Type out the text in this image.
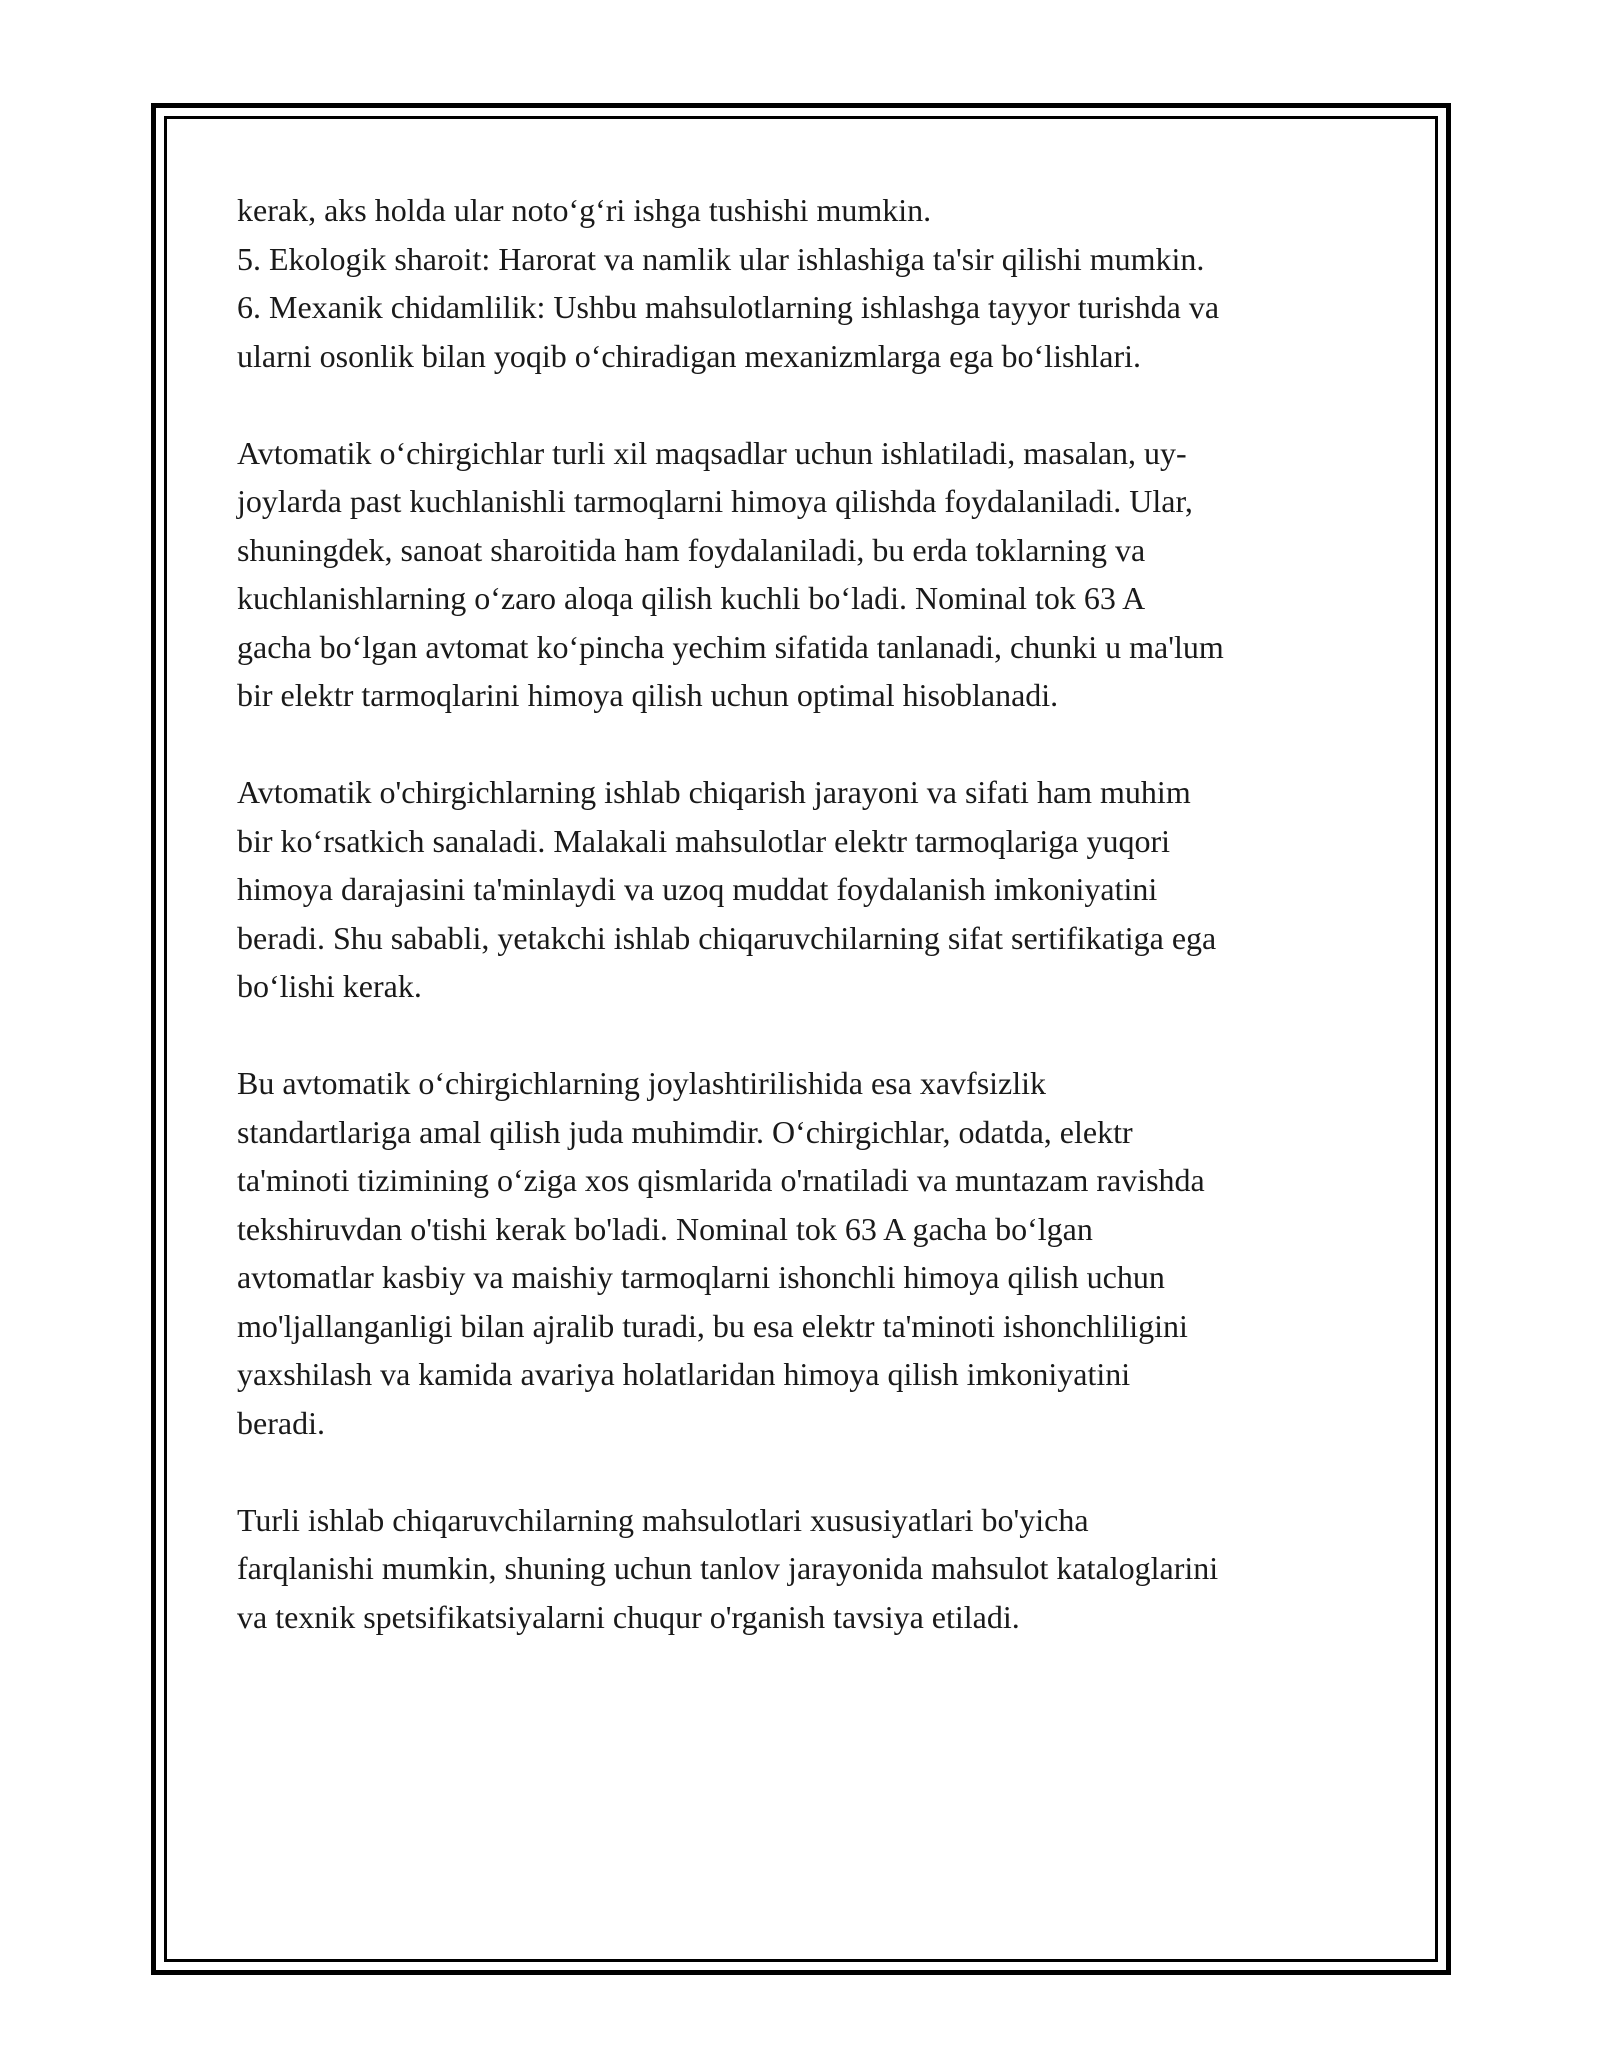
kerak, aks holda ular noto‘g‘ri ishga tushishi mumkin.
5. Ekologik sharoit: Harorat va namlik ular ishlashiga ta'sir qilishi mumkin.
6. Mexanik chidamlilik: Ushbu mahsulotlarning ishlashga tayyor turishda va
ularni osonlik bilan yoqib o‘chiradigan mexanizmlarga ega bo‘lishlari.

Avtomatik o‘chirgichlar turli xil maqsadlar uchun ishlatiladi, masalan, uy-
joylarda past kuchlanishli tarmoqlarni himoya qilishda foydalaniladi. Ular,
shuningdek, sanoat sharoitida ham foydalaniladi, bu erda toklarning va
kuchlanishlarning o‘zaro aloqa qilish kuchli bo‘ladi. Nominal tok 63 A
gacha bo‘lgan avtomat ko‘pincha yechim sifatida tanlanadi, chunki u ma'lum
bir elektr tarmoqlarini himoya qilish uchun optimal hisoblanadi.

Avtomatik o'chirgichlarning ishlab chiqarish jarayoni va sifati ham muhim
bir ko‘rsatkich sanaladi. Malakali mahsulotlar elektr tarmoqlariga yuqori
himoya darajasini ta'minlaydi va uzoq muddat foydalanish imkoniyatini
beradi. Shu sababli, yetakchi ishlab chiqaruvchilarning sifat sertifikatiga ega
bo‘lishi kerak.

Bu avtomatik o‘chirgichlarning joylashtirilishida esa xavfsizlik
standartlariga amal qilish juda muhimdir. O‘chirgichlar, odatda, elektr
ta'minoti tizimining o‘ziga xos qismlarida o'rnatiladi va muntazam ravishda
tekshiruvdan o'tishi kerak bo'ladi. Nominal tok 63 A gacha bo‘lgan
avtomatlar kasbiy va maishiy tarmoqlarni ishonchli himoya qilish uchun
mo'ljallanganligi bilan ajralib turadi, bu esa elektr ta'minoti ishonchliligini
yaxshilash va kamida avariya holatlaridan himoya qilish imkoniyatini
beradi.

Turli ishlab chiqaruvchilarning mahsulotlari xususiyatlari bo'yicha
farqlanishi mumkin, shuning uchun tanlov jarayonida mahsulot kataloglarini
va texnik spetsifikatsiyalarni chuqur o'rganish tavsiya etiladi.
